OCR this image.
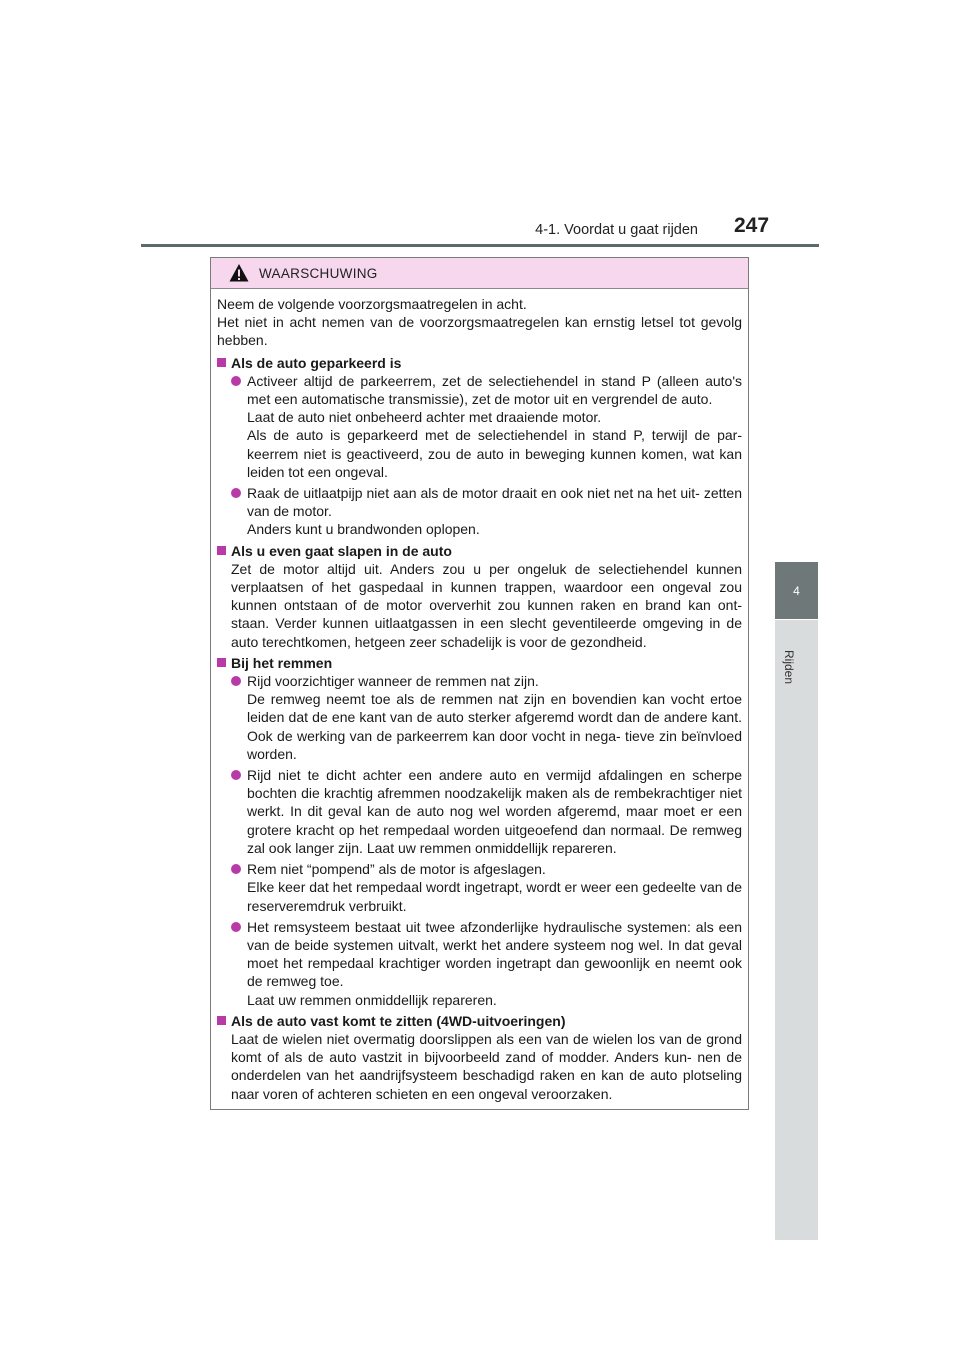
4-1. Voordat u gaat rijden 247
4
Rijden
WAARSCHUWING

Neem de volgende voorzorgsmaatregelen in acht.

Het niet in acht nemen van de voorzorgsmaatregelen kan ernstig letsel tot gevolg hebben.

Als de auto geparkeerd is

Activeer altijd de parkeerrem, zet de selectiehendel in stand P (alleen auto's met een automatische transmissie), zet de motor uit en vergrendel de auto.

Laat de auto niet onbeheerd achter met draaiende motor.

Als de auto is geparkeerd met de selectiehendel in stand P, terwijl de par- keerrem niet is geactiveerd, zou de auto in beweging kunnen komen, wat kan leiden tot een ongeval.

Raak de uitlaatpijp niet aan als de motor draait en ook niet net na het uit- zetten van de motor.

Anders kunt u brandwonden oplopen.

Als u even gaat slapen in de auto

Zet de motor altijd uit. Anders zou u per ongeluk de selectiehendel kunnen verplaatsen of het gaspedaal in kunnen trappen, waardoor een ongeval zou kunnen ontstaan of de motor oververhit zou kunnen raken en brand kan ont- staan. Verder kunnen uitlaatgassen in een slecht geventileerde omgeving in de auto terechtkomen, hetgeen zeer schadelijk is voor de gezondheid.

Bij het remmen

Rijd voorzichtiger wanneer de remmen nat zijn.

De remweg neemt toe als de remmen nat zijn en bovendien kan vocht ertoe leiden dat de ene kant van de auto sterker afgeremd wordt dan de andere kant. Ook de werking van de parkeerrem kan door vocht in nega- tieve zin beïnvloed worden.

Rijd niet te dicht achter een andere auto en vermijd afdalingen en scherpe bochten die krachtig afremmen noodzakelijk maken als de rembekrachtiger niet werkt. In dit geval kan de auto nog wel worden afgeremd, maar moet er een grotere kracht op het rempedaal worden uitgeoefend dan normaal. De remweg zal ook langer zijn. Laat uw remmen onmiddellijk repareren.

Rem niet “pompend” als de motor is afgeslagen.

Elke keer dat het rempedaal wordt ingetrapt, wordt er weer een gedeelte van de reserveremdruk verbruikt.

Het remsysteem bestaat uit twee afzonderlijke hydraulische systemen: als een van de beide systemen uitvalt, werkt het andere systeem nog wel. In dat geval moet het rempedaal krachtiger worden ingetrapt dan gewoonlijk en neemt ook de remweg toe.

Laat uw remmen onmiddellijk repareren.

Als de auto vast komt te zitten (4WD-uitvoeringen)

Laat de wielen niet overmatig doorslippen als een van de wielen los van de grond komt of als de auto vastzit in bijvoorbeeld zand of modder. Anders kun- nen de onderdelen van het aandrijfsysteem beschadigd raken en kan de auto plotseling naar voren of achteren schieten en een ongeval veroorzaken.
